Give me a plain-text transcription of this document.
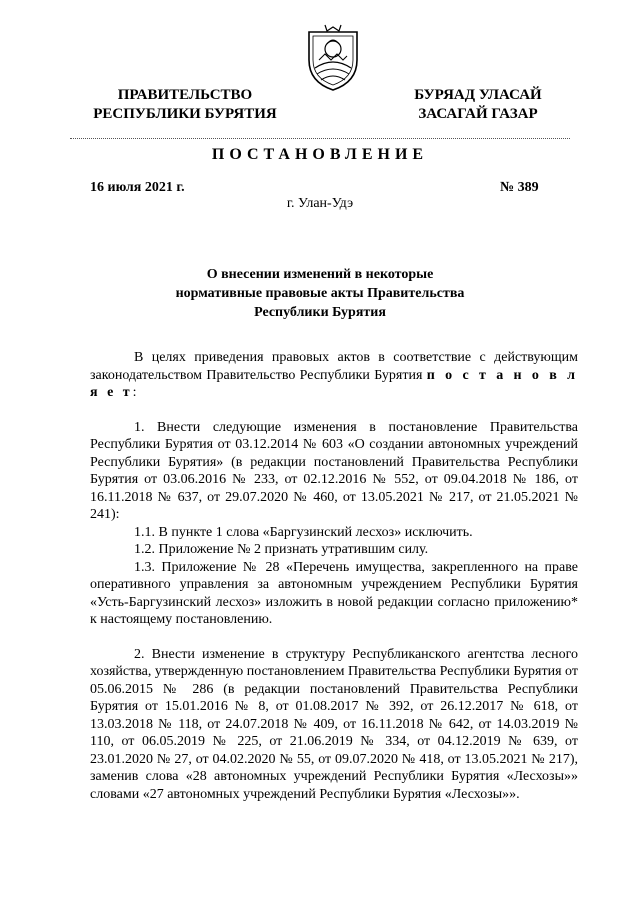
ПРАВИТЕЛЬСТВО
РЕСПУБЛИКИ БУРЯТИЯ
БУРЯАД УЛАСАЙ
ЗАСАГАЙ ГАЗАР
ПОСТАНОВЛЕНИЕ
16 июля 2021 г.	№ 389
г. Улан-Удэ
О внесении изменений в некоторые
нормативные правовые акты Правительства
Республики Бурятия

В целях приведения правовых актов в соответствие с действующим законодательством Правительство Республики Бурятия п о с т а н о в л я е т:

1. Внести следующие изменения в постановление Правительства Республики Бурятия от 03.12.2014 № 603 «О создании автономных учреждений Республики Бурятия» (в редакции постановлений Правительства Республики Бурятия от 03.06.2016 № 233, от 02.12.2016 № 552, от 09.04.2018 № 186, от 16.11.2018 № 637, от 29.07.2020 № 460, от 13.05.2021 № 217, от 21.05.2021 № 241):

1.1. В пункте 1 слова «Баргузинский лесхоз» исключить.

1.2. Приложение № 2 признать утратившим силу.

1.3. Приложение № 28 «Перечень имущества, закрепленного на праве оперативного управления за автономным учреждением Республики Бурятия «Усть-Баргузинский лесхоз» изложить в новой редакции согласно приложению* к настоящему постановлению.

2. Внести изменение в структуру Республиканского агентства лесного хозяйства, утвержденную постановлением Правительства Республики Бурятия от 05.06.2015 № 286 (в редакции постановлений Правительства Республики Бурятия от 15.01.2016 № 8, от 01.08.2017 № 392, от 26.12.2017 № 618, от 13.03.2018 № 118, от 24.07.2018 № 409, от 16.11.2018 № 642, от 14.03.2019 № 110, от 06.05.2019 № 225, от 21.06.2019 № 334, от 04.12.2019 № 639, от 23.01.2020 № 27, от 04.02.2020 № 55, от 09.07.2020 № 418, от 13.05.2021 № 217), заменив слова «28 автономных учреждений Республики Бурятия «Лесхозы»» словами «27 автономных учреждений Республики Бурятия «Лесхозы»».
